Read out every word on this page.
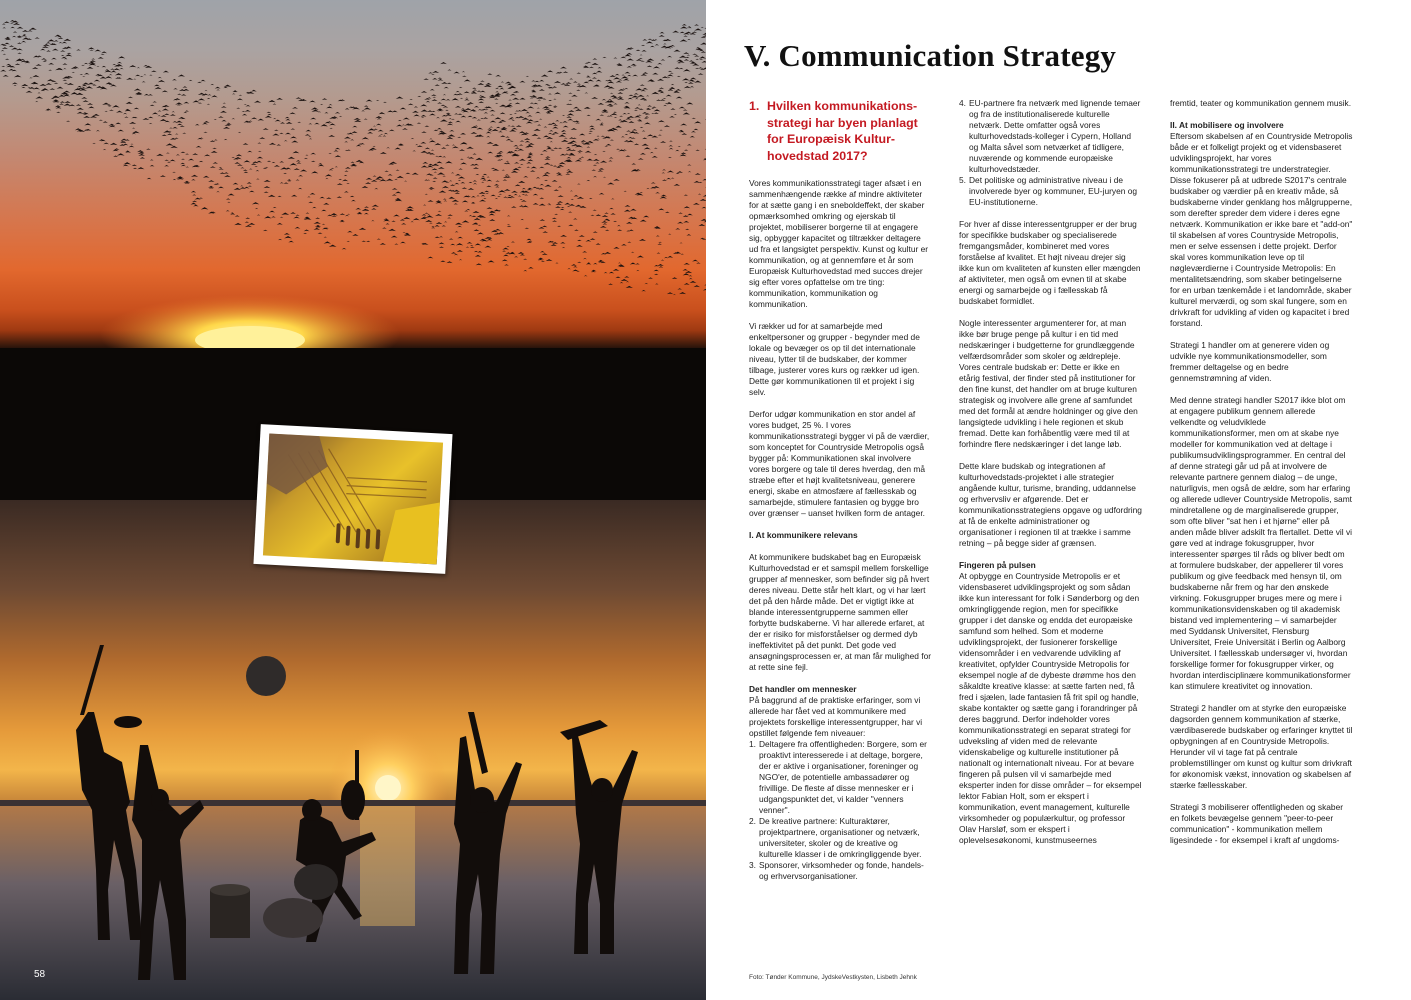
58
V. Communication Strategy
1. Hvilken kommunikations-strategi har byen planlagt for Europæisk Kultur-hovedstad 2017?

Vores kommunikationsstrategi tager afsæt i en sammenhængende række af mindre aktiviteter for at sætte gang i en sneboldeffekt, der skaber opmærksomhed omkring og ejerskab til projektet, mobiliserer borgerne til at engagere sig, opbygger kapacitet og tiltrækker deltagere ud fra et langsigtet perspektiv. Kunst og kultur er kommunikation, og at gennemføre et år som Europæisk Kulturhovedstad med succes drejer sig efter vores opfattelse om tre ting: kommunikation, kommunikation og kommunikation.

Vi rækker ud for at samarbejde med enkeltpersoner og grupper - begynder med de lokale og bevæger os op til det internationale niveau, lytter til de budskaber, der kommer tilbage, justerer vores kurs og rækker ud igen. Dette gør kommunikationen til et projekt i sig selv.

Derfor udgør kommunikation en stor andel af vores budget, 25 %. I vores kommunikationsstrategi bygger vi på de værdier, som konceptet for Countryside Metropolis også bygger på: Kommunikationen skal involvere vores borgere og tale til deres hverdag, den må stræbe efter et højt kvalitetsniveau, generere energi, skabe en atmosfære af fællesskab og samarbejde, stimulere fantasien og bygge bro over grænser – uanset hvilken form de antager.

I. At kommunikere relevans

At kommunikere budskabet bag en Europæisk Kulturhovedstad er et samspil mellem forskellige grupper af mennesker, som befinder sig på hvert deres niveau. Dette står helt klart, og vi har lært det på den hårde måde. Det er vigtigt ikke at blande interessentgrupperne sammen eller forbytte budskaberne. Vi har allerede erfaret, at der er risiko for misforståelser og dermed dyb ineffektivitet på det punkt. Det gode ved ansøgningsprocessen er, at man får mulighed for at rette sine fejl.

Det handler om mennesker

På baggrund af de praktiske erfaringer, som vi allerede har fået ved at kommunikere med projektets forskellige interessentgrupper, har vi opstillet følgende fem niveauer:

1. Deltagere fra offentligheden: Borgere, som er proaktivt interesserede i at deltage, borgere, der er aktive i organisationer, foreninger og NGO'er, de potentielle ambassadører og frivillige. De fleste af disse mennesker er i udgangspunktet det, vi kalder "venners venner".
2. De kreative partnere: Kulturaktører, projektpartnere, organisationer og netværk, universiteter, skoler og de kreative og kulturelle klasser i de omkringliggende byer.
3. Sponsorer, virksomheder og fonde, handels- og erhvervsorganisationer.
4. EU-partnere fra netværk med lignende temaer og fra de institutionaliserede kulturelle netværk. Dette omfatter også vores kulturhovedstads-kolleger i Cypern, Holland og Malta såvel som netværket af tidligere, nuværende og kommende europæiske kulturhovedstæder.
5. Det politiske og administrative niveau i de involverede byer og kommuner, EU-juryen og EU-institutionerne.

For hver af disse interessentgrupper er der brug for specifikke budskaber og specialiserede fremgangsmåder, kombineret med vores forståelse af kvalitet. Et højt niveau drejer sig ikke kun om kvaliteten af kunsten eller mængden af aktiviteter, men også om evnen til at skabe energi og samarbejde og i fællesskab få budskabet formidlet.

Nogle interessenter argumenterer for, at man ikke bør bruge penge på kultur i en tid med nedskæringer i budgetterne for grundlæggende velfærdsområder som skoler og ældrepleje. Vores centrale budskab er: Dette er ikke en etårig festival, der finder sted på institutioner for den fine kunst, det handler om at bruge kulturen strategisk og involvere alle grene af samfundet med det formål at ændre holdninger og give den langsigtede udvikling i hele regionen et skub fremad. Dette kan forhåbentlig være med til at forhindre flere nedskæringer i det lange løb.

Dette klare budskab og integrationen af kulturhovedstads-projektet i alle strategier angående kultur, turisme, branding, uddannelse og erhvervsliv er afgørende. Det er kommunikationsstrategiens opgave og udfordring at få de enkelte administrationer og organisationer i regionen til at trække i samme retning – på begge sider af grænsen.

Fingeren på pulsen

At opbygge en Countryside Metropolis er et vidensbaseret udviklingsprojekt og som sådan ikke kun interessant for folk i Sønderborg og den omkringliggende region, men for specifikke grupper i det danske og endda det europæiske samfund som helhed. Som et moderne udviklingsprojekt, der fusionerer forskellige vidensområder i en vedvarende udvikling af kreativitet, opfylder Countryside Metropolis for eksempel nogle af de dybeste drømme hos den såkaldte kreative klasse: at sætte farten ned, få fred i sjælen, lade fantasien få frit spil og handle, skabe kontakter og sætte gang i forandringer på deres baggrund. Derfor indeholder vores kommunikationsstrategi en separat strategi for udveksling af viden med de relevante videnskabelige og kulturelle institutioner på nationalt og internationalt niveau. For at bevare fingeren på pulsen vil vi samarbejde med eksperter inden for disse områder – for eksempel lektor Fabian Holt, som er ekspert i kommunikation, event management, kulturelle virksomheder og populærkultur, og professor Olav Harsløf, som er ekspert i oplevelsesøkonomi, kunstmuseernes

fremtid, teater og kommunikation gennem musik.

II. At mobilisere og involvere

Eftersom skabelsen af en Countryside Metropolis både er et folkeligt projekt og et vidensbaseret udviklingsprojekt, har vores kommunikationsstrategi tre understrategier. Disse fokuserer på at udbrede S2017's centrale budskaber og værdier på en kreativ måde, så budskaberne vinder genklang hos målgrupperne, som derefter spreder dem videre i deres egne netværk. Kommunikation er ikke bare et "add-on" til skabelsen af vores Countryside Metropolis, men er selve essensen i dette projekt. Derfor skal vores kommunikation leve op til nøgleværdierne i Countryside Metropolis: En mentalitetsændring, som skaber betingelserne for en urban tænkemåde i et landområde, skaber kulturel merværdi, og som skal fungere, som en drivkraft for udvikling af viden og kapacitet i bred forstand.

Strategi 1 handler om at generere viden og udvikle nye kommunikationsmodeller, som fremmer deltagelse og en bedre gennemstrømning af viden.

Med denne strategi handler S2017 ikke blot om at engagere publikum gennem allerede velkendte og veludviklede kommunikationsformer, men om at skabe nye modeller for kommunikation ved at deltage i publikumsudviklingsprogrammer. En central del af denne strategi går ud på at involvere de relevante partnere gennem dialog – de unge, naturligvis, men også de ældre, som har erfaring og allerede udlever Countryside Metropolis, samt mindretallene og de marginaliserede grupper, som ofte bliver "sat hen i et hjørne" eller på anden måde bliver adskilt fra flertallet. Dette vil vi gøre ved at indrage fokusgrupper, hvor interessenter spørges til råds og bliver bedt om at formulere budskaber, der appellerer til vores publikum og give feedback med hensyn til, om budskaberne når frem og har den ønskede virkning. Fokusgrupper bruges mere og mere i kommunikationsvidenskaben og til akademisk bistand ved implementering – vi samarbejder med Syddansk Universitet, Flensburg Universitet, Freie Universität i Berlin og Aalborg Universitet. I fællesskab undersøger vi, hvordan forskellige former for fokusgrupper virker, og hvordan interdisciplinære kommunikationsformer kan stimulere kreativitet og innovation.

Strategi 2 handler om at styrke den europæiske dagsorden gennem kommunikation af stærke, værdibaserede budskaber og erfaringer knyttet til opbygningen af en Countryside Metropolis. Herunder vil vi tage fat på centrale problemstillinger om kunst og kultur som drivkraft for økonomisk vækst, innovation og skabelsen af stærke fællesskaber.

Strategi 3 mobiliserer offentligheden og skaber en folkets bevægelse gennem "peer-to-peer communication" - kommunikation mellem ligesindede - for eksempel i kraft af ungdoms-

Foto: Tønder Kommune, JydskeVestkysten, Lisbeth Jehnk
